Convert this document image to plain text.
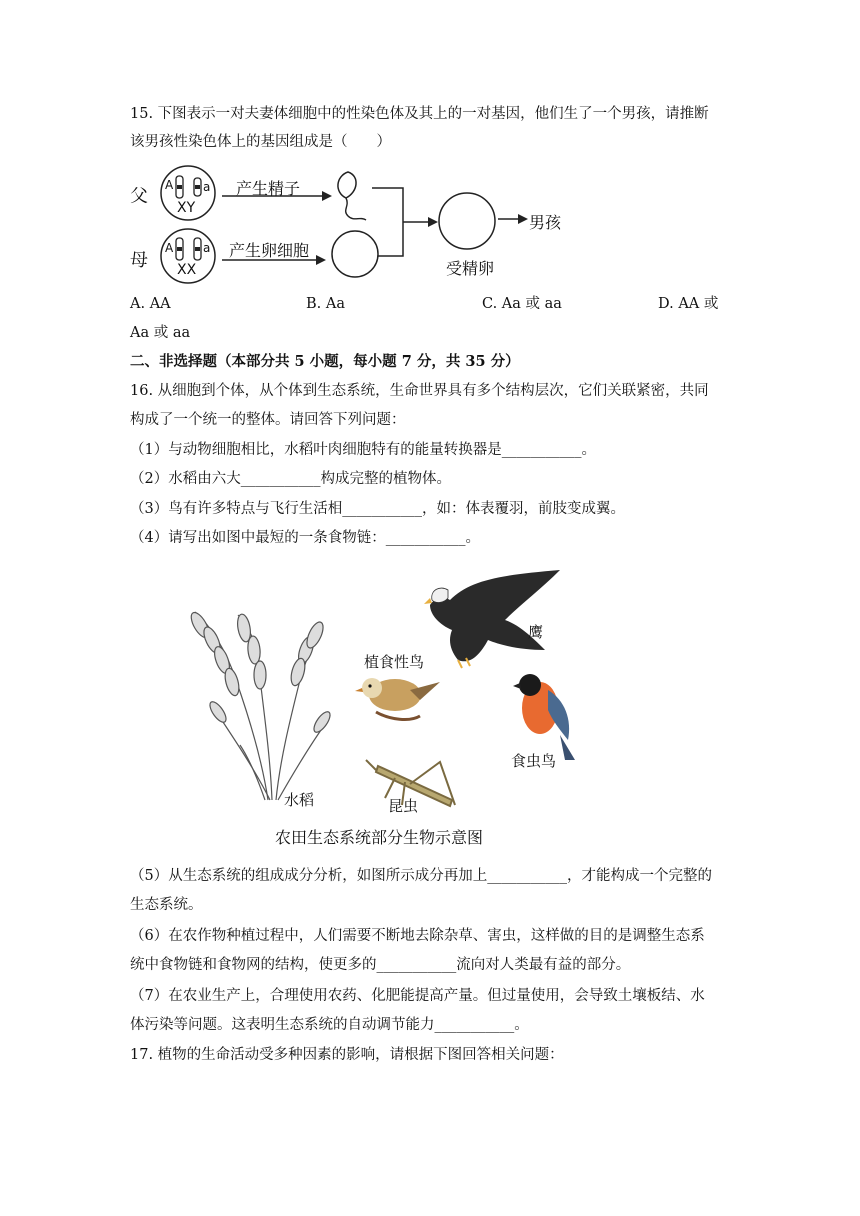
15. 下图表示一对夫妻体细胞中的性染色体及其上的一对基因，他们生了一个男孩，请推断
该男孩性染色体上的基因组成是（　　）
父
母
A a
XY
A a
XX
产生精子
产生卵细胞
受精卵
男孩
A. AA	B. Aa	C. Aa 或 aa	D. AA 或
Aa 或 aa
二、非选择题（本部分共 5 小题，每小题 7 分，共 35 分）
16. 从细胞到个体，从个体到生态系统，生命世界具有多个结构层次，它们关联紧密，共同
构成了一个统一的整体。请回答下列问题：
（1）与动物细胞相比，水稻叶肉细胞特有的能量转换器是___________。
（2）水稻由六大___________构成完整的植物体。
（3）鸟有许多特点与飞行生活相___________，如：体表覆羽，前肢变成翼。
（4）请写出如图中最短的一条食物链：___________。
鹰
植食性鸟
食虫鸟
水稻	昆虫
农田生态系统部分生物示意图
（5）从生态系统的组成成分分析，如图所示成分再加上___________，才能构成一个完整的
生态系统。
（6）在农作物种植过程中，人们需要不断地去除杂草、害虫，这样做的目的是调整生态系
统中食物链和食物网的结构，使更多的___________流向对人类最有益的部分。
（7）在农业生产上，合理使用农药、化肥能提高产量。但过量使用，会导致土壤板结、水
体污染等问题。这表明生态系统的自动调节能力___________。
17. 植物的生命活动受多种因素的影响，请根据下图回答相关问题：
